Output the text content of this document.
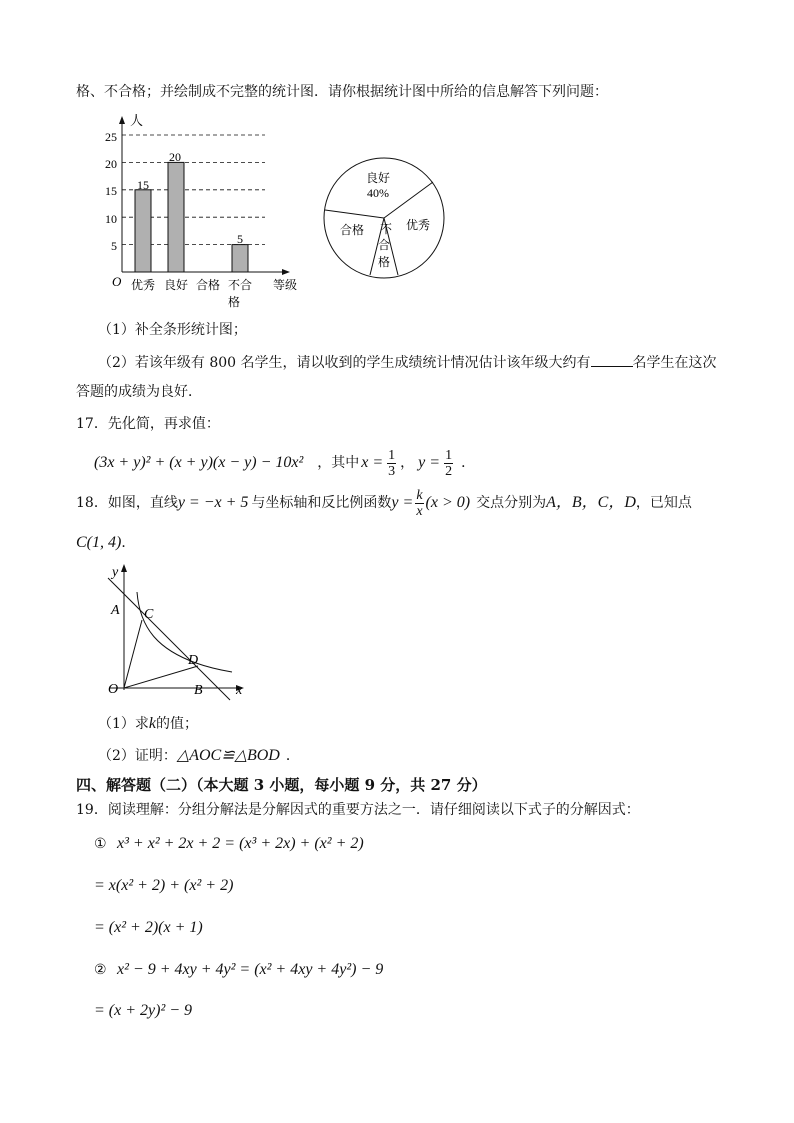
格、不合格；并绘制成不完整的统计图．请你根据统计图中所给的信息解答下列问题：
5
10
15
20
25
人
O
15
20
5
优秀 良好 合格 不合
格
等级
良好
40%
合格	优秀
不
合
格
（1）补全条形统计图；
（2）若该年级有 800 名学生，请以收到的学生成绩统计情况估计该年级大约有	名学生在这次
答题的成绩为良好．
17．先化简，再求值：
(3x + y)² + (x + y)(x − y) − 10x² ，其中 $x = \frac{1}{3}$ ， $y = \frac{1}{2}$ ．
18．如图，直线 y = −x + 5 与坐标轴和反比例函数 $y = \frac{k}{x} (x > 0)$ 交点分别为 A，B，C，D ，已知点
C(1, 4)．
y
x
A C
D
O	B
（1）求k的值；
（2）证明：△AOC≌△BOD ．
四、解答题（二）（本大题 3 小题，每小题 9 分，共 27 分）
19．阅读理解：分组分解法是分解因式的重要方法之一．请仔细阅读以下式子的分解因式：
① x³ + x² + 2x + 2 = (x³ + 2x) + (x² + 2)
= x(x² + 2) + (x² + 2)
= (x² + 2)(x + 1)
② x² − 9 + 4xy + 4y² = (x² + 4xy + 4y²) − 9
= (x + 2y)² − 9
